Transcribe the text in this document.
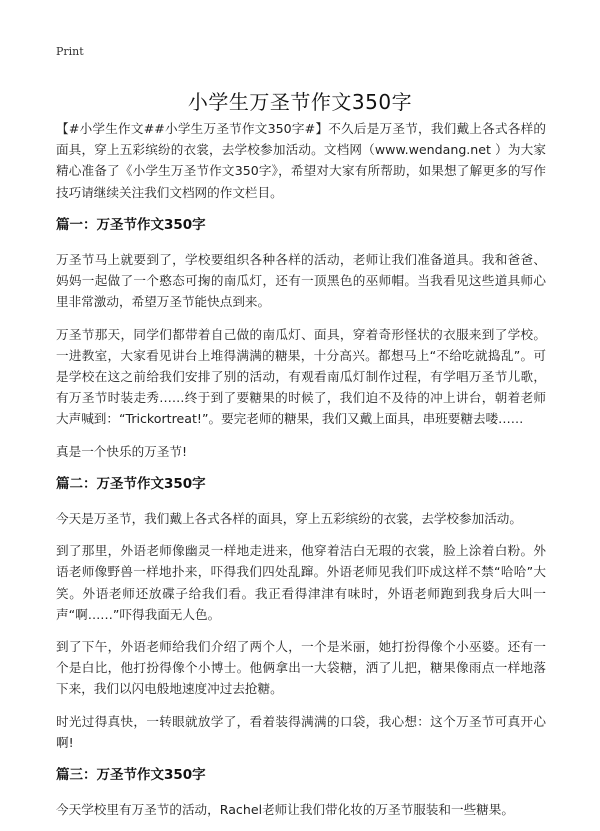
Print
小学生万圣节作文350字

【#小学生作文##小学生万圣节作文350字#】不久后是万圣节，我们戴上各式各样的面具，穿上五彩缤纷的衣裳，去学校参加活动。文档网（www.wendang.net ）为大家精心准备了《小学生万圣节作文350字》，希望对大家有所帮助，如果想了解更多的写作技巧请继续关注我们文档网的作文栏目。

篇一：万圣节作文350字

万圣节马上就要到了，学校要组织各种各样的活动，老师让我们准备道具。我和爸爸、妈妈一起做了一个憨态可掬的南瓜灯，还有一顶黑色的巫师帽。当我看见这些道具师心里非常激动，希望万圣节能快点到来。

万圣节那天，同学们都带着自己做的南瓜灯、面具，穿着奇形怪状的衣服来到了学校。一进教室，大家看见讲台上堆得满满的糖果，十分高兴。都想马上“不给吃就捣乱”。可是学校在这之前给我们安排了别的活动，有观看南瓜灯制作过程，有学唱万圣节儿歌，有万圣节时装走秀……终于到了要糖果的时候了，我们迫不及待的冲上讲台，朝着老师大声喊到：“Trickortreat!”。要完老师的糖果，我们又戴上面具，串班要糖去喽……

真是一个快乐的万圣节!

篇二：万圣节作文350字

今天是万圣节，我们戴上各式各样的面具，穿上五彩缤纷的衣裳，去学校参加活动。

到了那里，外语老师像幽灵一样地走进来，他穿着洁白无瑕的衣裳，脸上涂着白粉。外语老师像野兽一样地扑来，吓得我们四处乱蹿。外语老师见我们吓成这样不禁“哈哈”大笑。外语老师还放碟子给我们看。我正看得津津有味时，外语老师跑到我身后大叫一声“啊……”吓得我面无人色。

到了下午，外语老师给我们介绍了两个人，一个是米丽，她打扮得像个小巫婆。还有一个是白比，他打扮得像个小博士。他俩拿出一大袋糖，洒了儿把，糖果像雨点一样地落下来，我们以闪电般地速度冲过去抢糖。

时光过得真快，一转眼就放学了，看着装得满满的口袋，我心想：这个万圣节可真开心啊!

篇三：万圣节作文350字

今天学校里有万圣节的活动，Rachel老师让我们带化妆的万圣节服装和一些糖果。
